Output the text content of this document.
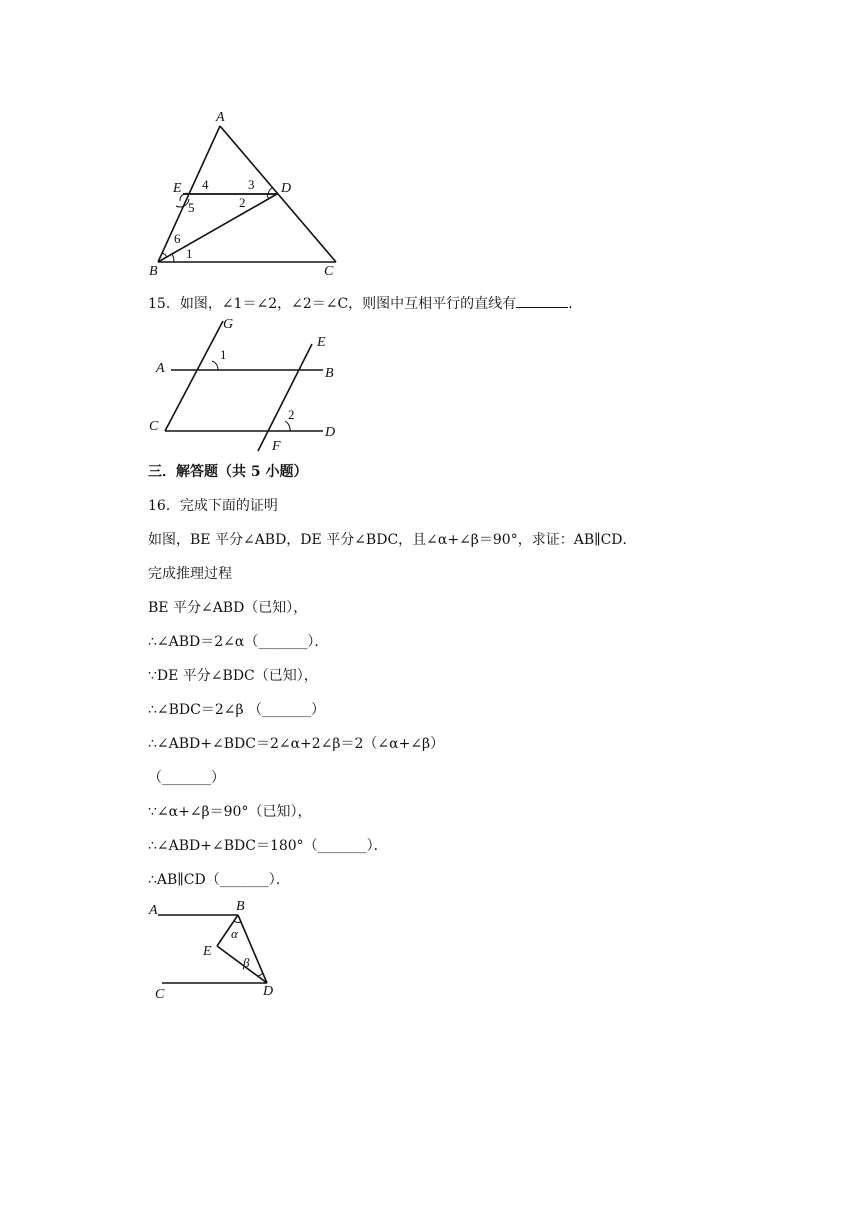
A
E	D
B	C
4	3
5	2
6
1
15．如图，∠1＝∠2，∠2＝∠C，则图中互相平行的直线有	．
G
E
A	B
C	D
F
1
2
三．解答题（共 5 小题）
16．完成下面的证明
如图，BE 平分∠ABD，DE 平分∠BDC，且∠α+∠β＝90°，求证：AB∥CD．
完成推理过程
BE 平分∠ABD（已知），
∴∠ABD＝2∠α（_______）．
∵DE 平分∠BDC（已知），
∴∠BDC＝2∠β （_______）
∴∠ABD+∠BDC＝2∠α+2∠β＝2（∠α+∠β）
（_______）
∵∠α+∠β＝90°（已知），
∴∠ABD+∠BDC＝180°（_______）．
∴AB∥CD（_______）．
A	B
E
C	D
α
β
